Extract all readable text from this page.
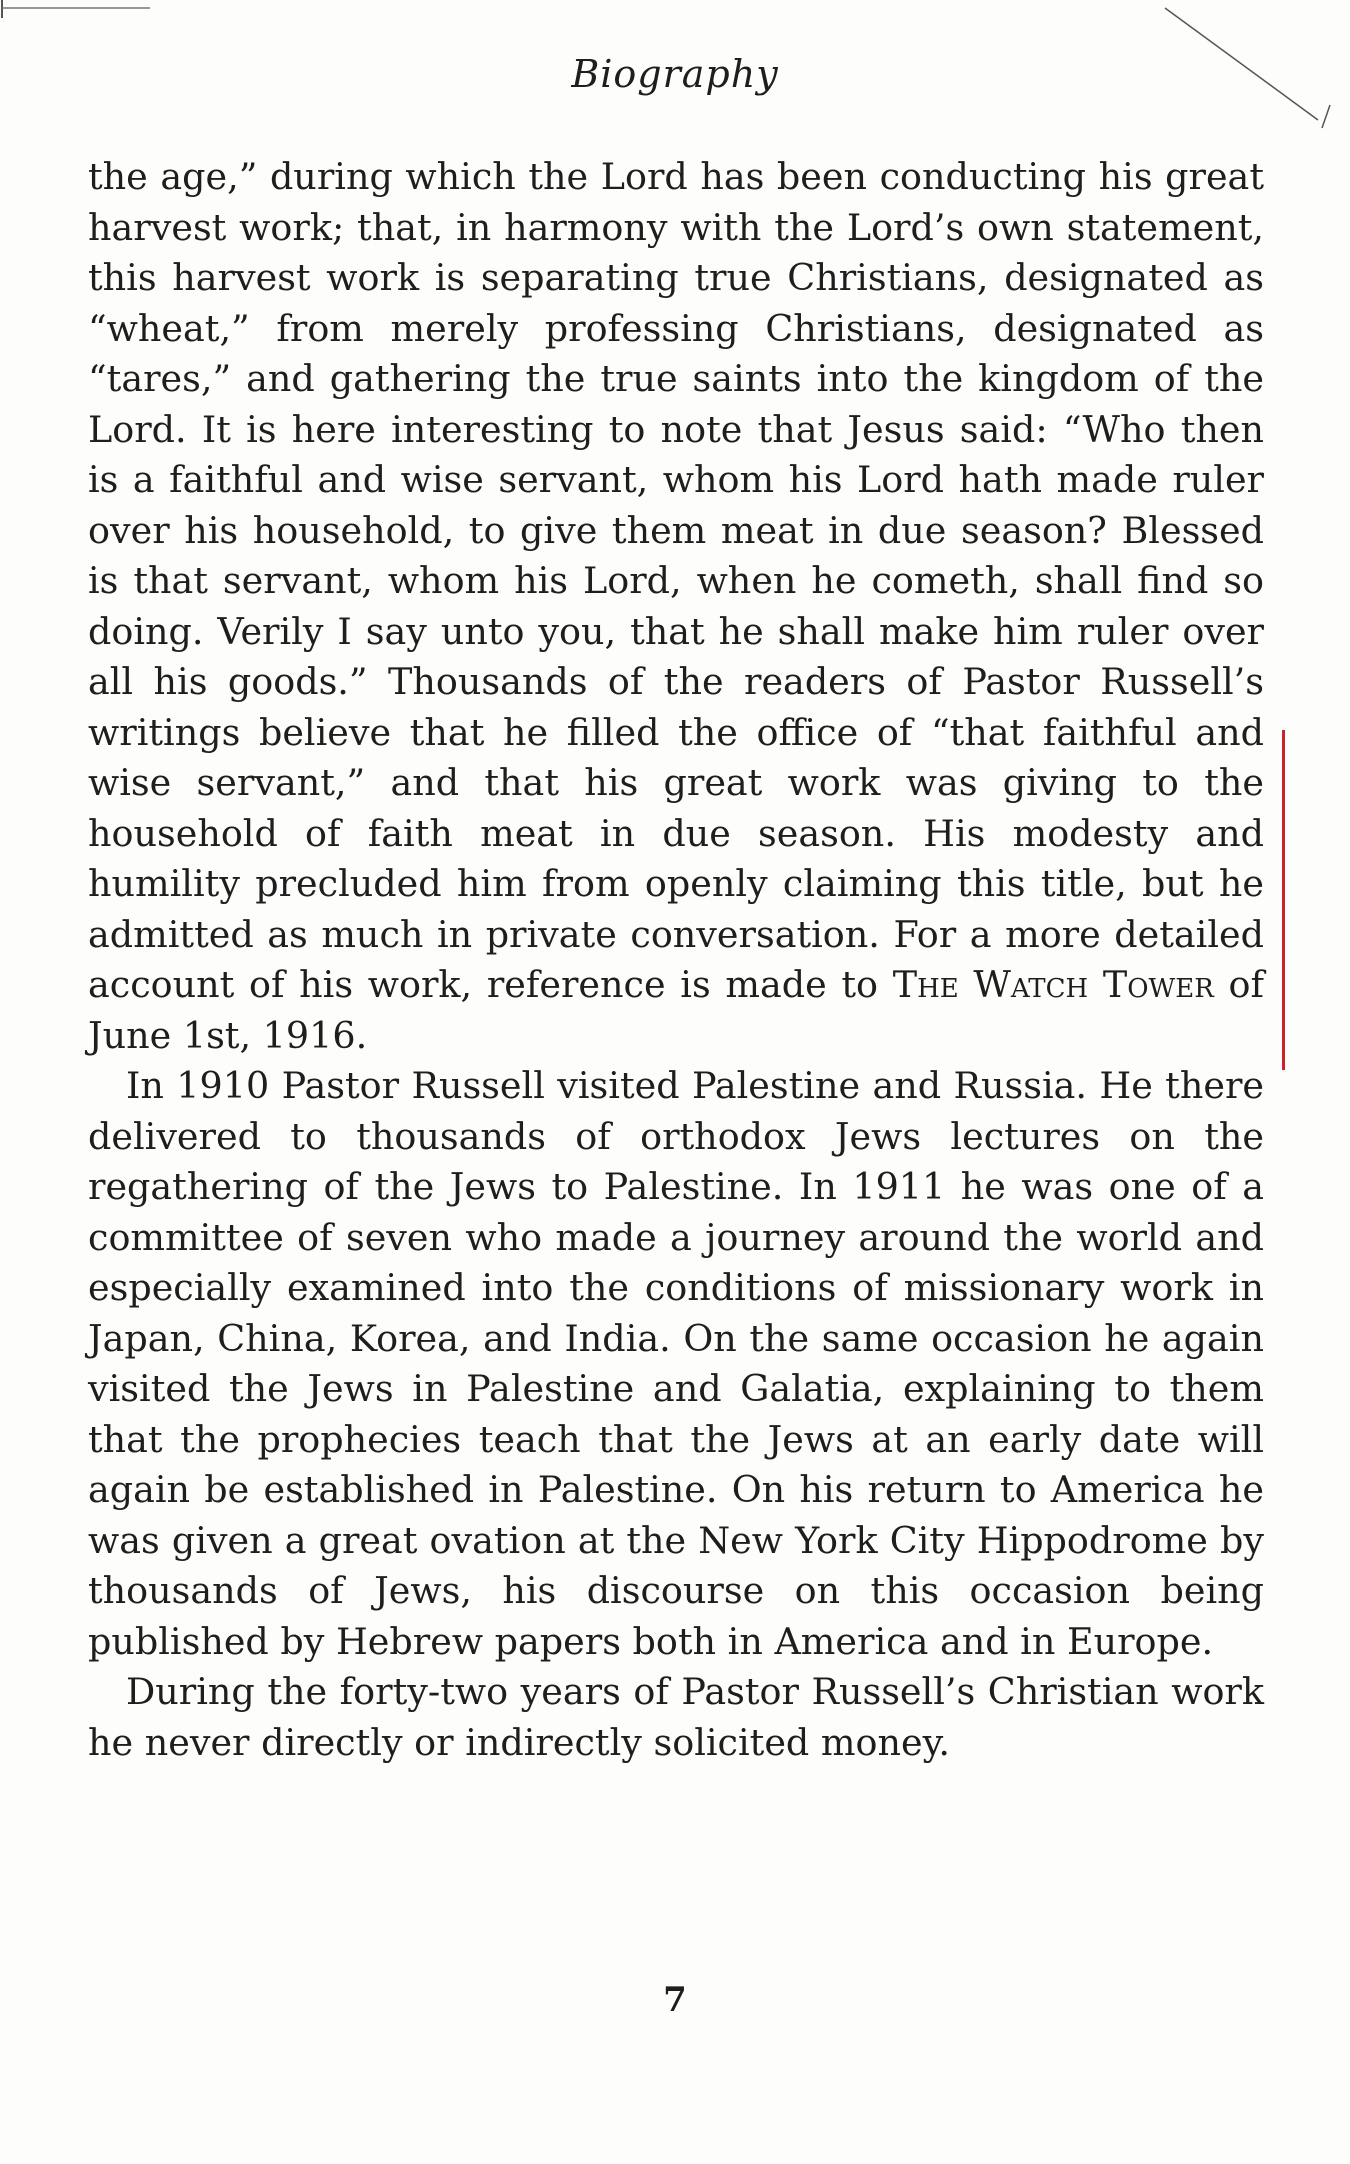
Biography

the age,” during which the Lord has been conducting his great harvest work; that, in harmony with the Lord’s own statement, this harvest work is separating true Christians, designated as “wheat,” from merely professing Christians, designated as “tares,” and gathering the true saints into the kingdom of the Lord. It is here interesting to note that Jesus said: “Who then is a faithful and wise servant, whom his Lord hath made ruler over his household, to give them meat in due season? Blessed is that servant, whom his Lord, when he cometh, shall find so doing. Verily I say unto you, that he shall make him ruler over all his goods.” Thousands of the readers of Pastor Russell’s writings believe that he filled the office of “that faithful and wise servant,” and that his great work was giving to the household of faith meat in due season. His modesty and humility precluded him from openly claiming this title, but he admitted as much in private conversation. For a more detailed account of his work, reference is made to The Watch Tower of June 1st, 1916.

In 1910 Pastor Russell visited Palestine and Russia. He there delivered to thousands of orthodox Jews lectures on the regathering of the Jews to Palestine. In 1911 he was one of a committee of seven who made a journey around the world and especially examined into the conditions of missionary work in Japan, China, Korea, and India. On the same occasion he again visited the Jews in Palestine and Galatia, explaining to them that the prophecies teach that the Jews at an early date will again be established in Palestine. On his return to America he was given a great ovation at the New York City Hippodrome by thousands of Jews, his discourse on this occasion being published by Hebrew papers both in America and in Europe.

During the forty-two years of Pastor Russell’s Christian work he never directly or indirectly solicited money.

7
